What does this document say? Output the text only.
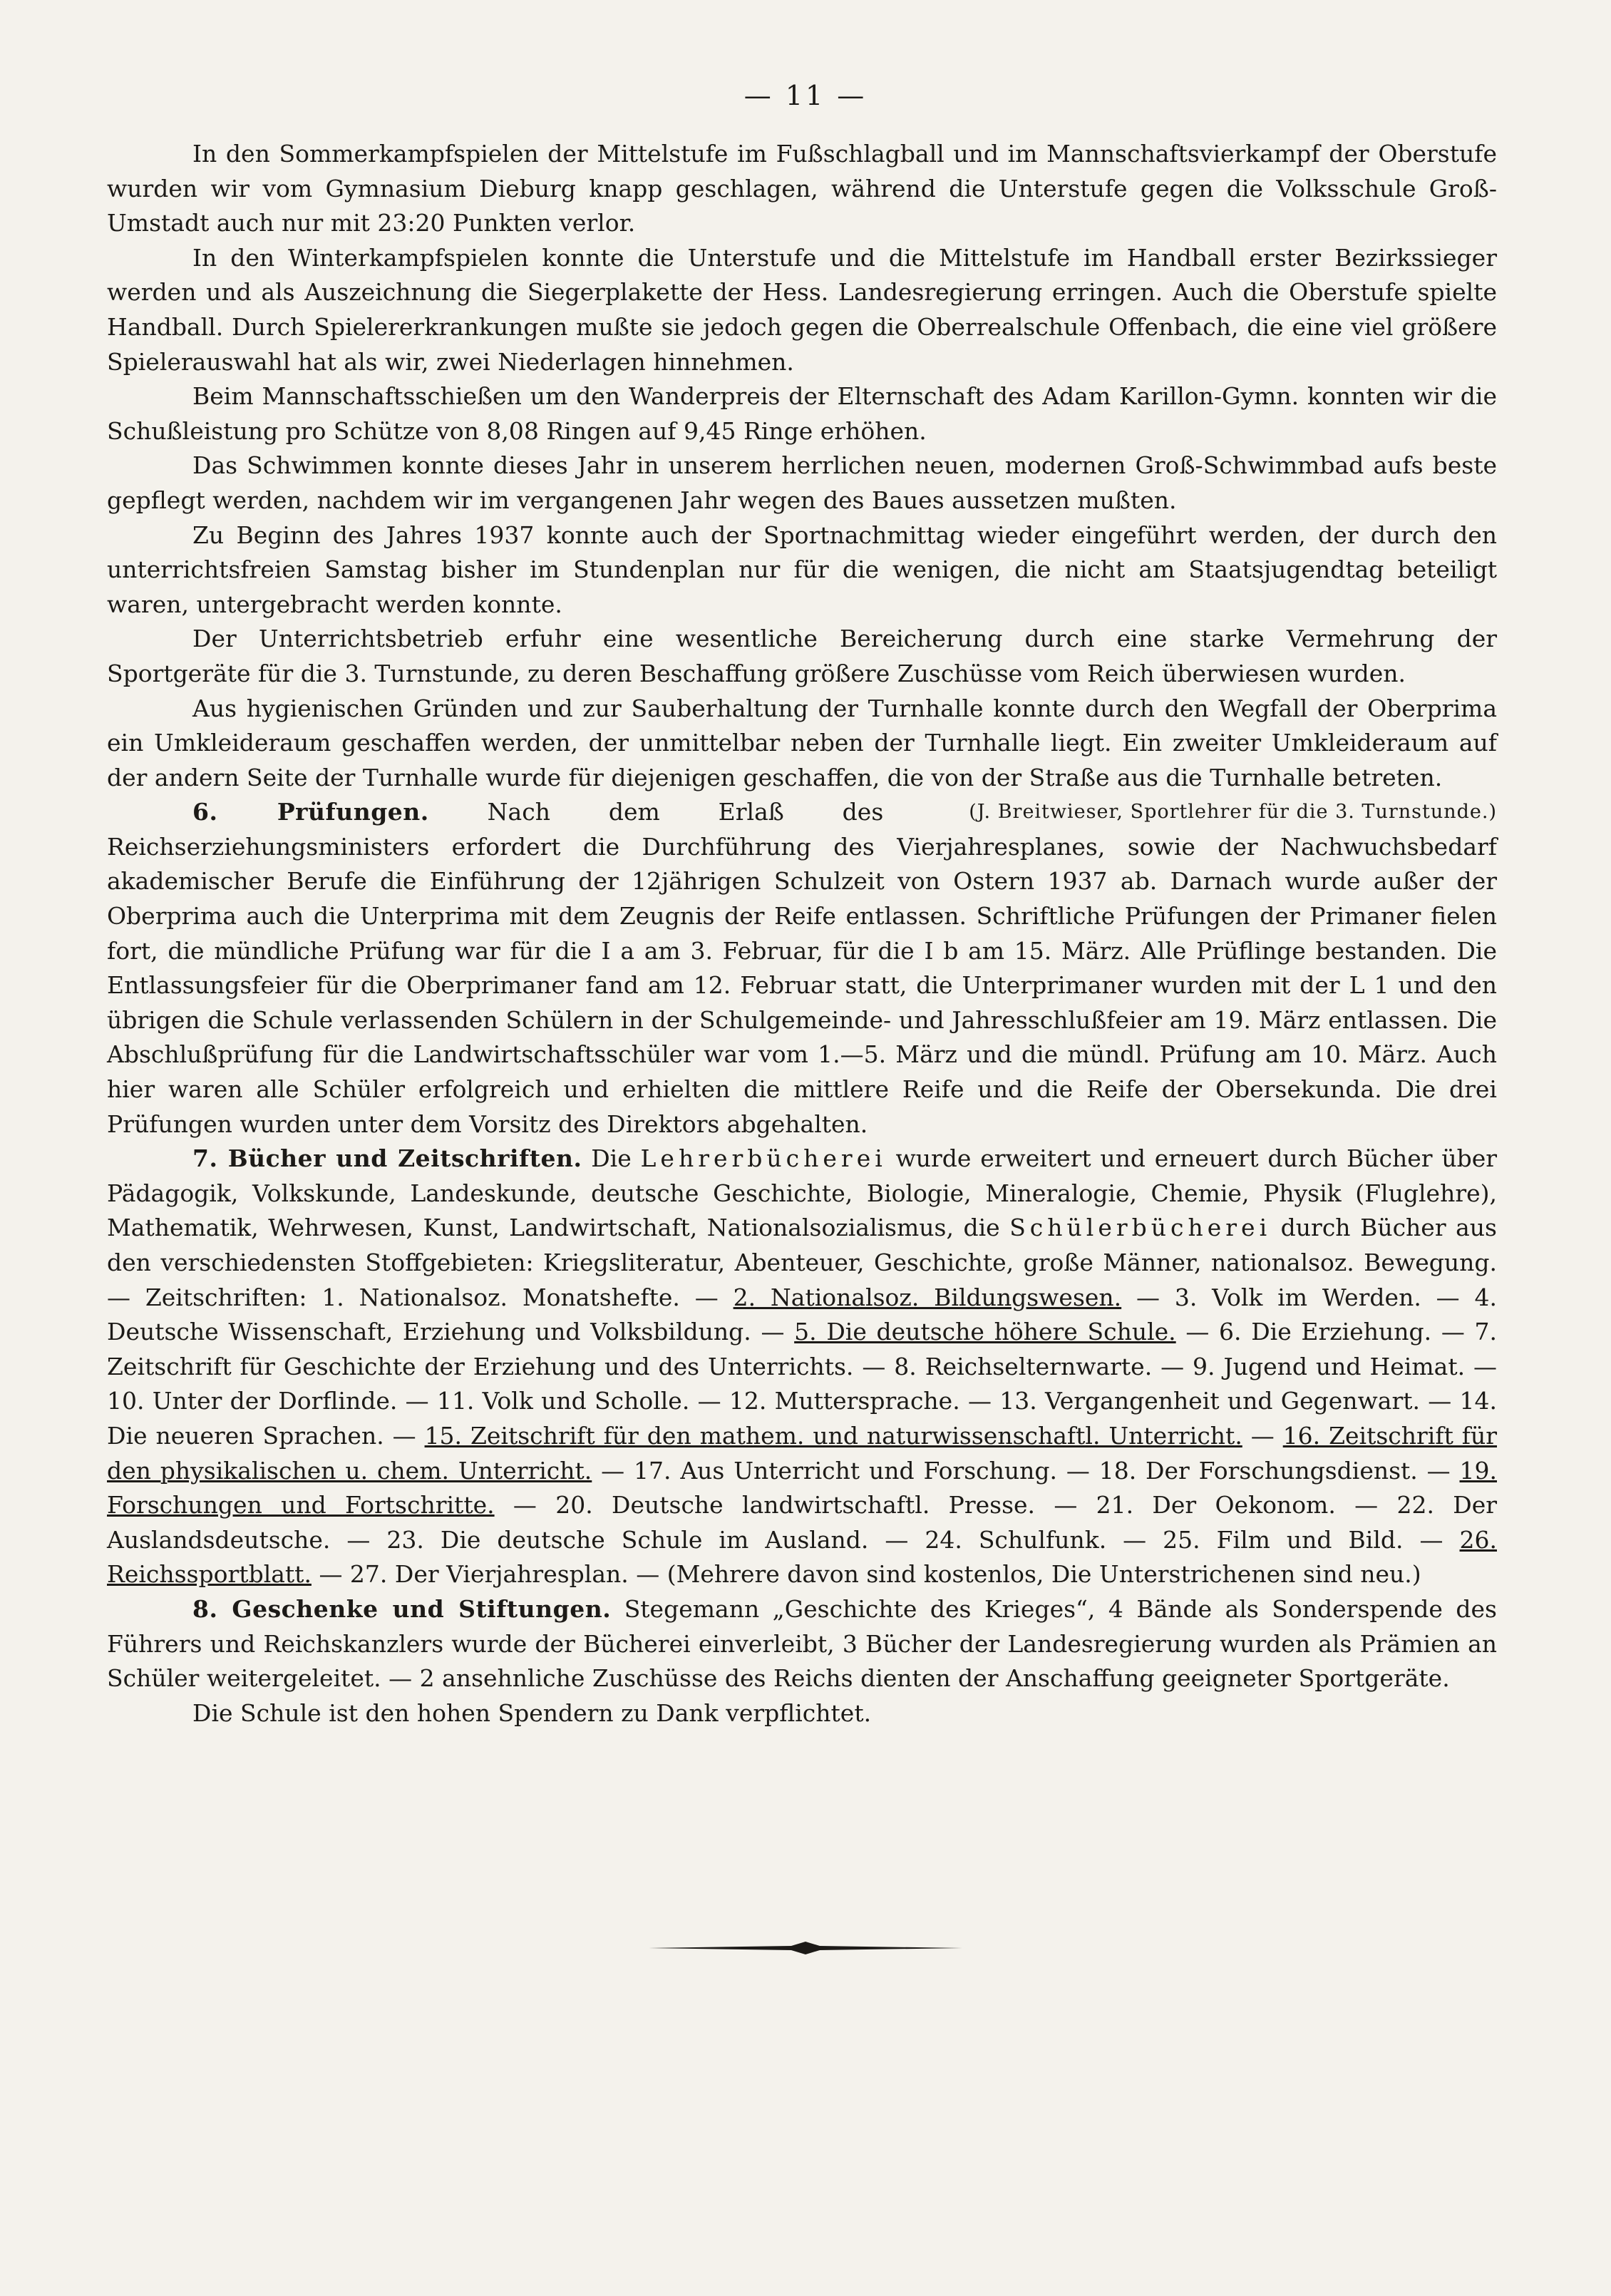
— 11 —

In den Sommerkampfspielen der Mittelstufe im Fußschlagball und im Mannschaftsvierkampf der Oberstufe wurden wir vom Gymnasium Dieburg knapp geschlagen, während die Unterstufe gegen die Volksschule Groß-Umstadt auch nur mit 23:20 Punkten verlor.

In den Winterkampfspielen konnte die Unterstufe und die Mittelstufe im Handball erster Bezirkssieger werden und als Auszeichnung die Siegerplakette der Hess. Landesregierung erringen. Auch die Oberstufe spielte Handball. Durch Spielererkrankungen mußte sie jedoch gegen die Oberrealschule Offenbach, die eine viel größere Spielerauswahl hat als wir, zwei Niederlagen hinnehmen.

Beim Mannschaftsschießen um den Wanderpreis der Elternschaft des Adam Karillon-Gymn. konnten wir die Schußleistung pro Schütze von 8,08 Ringen auf 9,45 Ringe erhöhen.

Das Schwimmen konnte dieses Jahr in unserem herrlichen neuen, modernen Groß-Schwimmbad aufs beste gepflegt werden, nachdem wir im vergangenen Jahr wegen des Baues aussetzen mußten.

Zu Beginn des Jahres 1937 konnte auch der Sportnachmittag wieder eingeführt werden, der durch den unterrichtsfreien Samstag bisher im Stundenplan nur für die wenigen, die nicht am Staatsjugendtag beteiligt waren, untergebracht werden konnte.

Der Unterrichtsbetrieb erfuhr eine wesentliche Bereicherung durch eine starke Vermehrung der Sportgeräte für die 3. Turnstunde, zu deren Beschaffung größere Zuschüsse vom Reich überwiesen wurden.

Aus hygienischen Gründen und zur Sauberhaltung der Turnhalle konnte durch den Wegfall der Oberprima ein Umkleideraum geschaffen werden, der unmittelbar neben der Turnhalle liegt. Ein zweiter Umkleideraum auf der andern Seite der Turnhalle wurde für diejenigen geschaffen, die von der Straße aus die Turnhalle betreten.
(J. Breitwieser, Sportlehrer für die 3. Turnstunde.)

6. Prüfungen. Nach dem Erlaß des Reichserziehungsministers erfordert die Durchführung des Vierjahresplanes, sowie der Nachwuchsbedarf akademischer Berufe die Einführung der 12jährigen Schulzeit von Ostern 1937 ab. Darnach wurde außer der Oberprima auch die Unterprima mit dem Zeugnis der Reife entlassen. Schriftliche Prüfungen der Primaner fielen fort, die mündliche Prüfung war für die I a am 3. Februar, für die I b am 15. März. Alle Prüflinge bestanden. Die Entlassungsfeier für die Oberprimaner fand am 12. Februar statt, die Unterprimaner wurden mit der L 1 und den übrigen die Schule verlassenden Schülern in der Schulgemeinde- und Jahresschlußfeier am 19. März entlassen. Die Abschlußprüfung für die Landwirtschaftsschüler war vom 1.—5. März und die mündl. Prüfung am 10. März. Auch hier waren alle Schüler erfolgreich und erhielten die mittlere Reife und die Reife der Obersekunda. Die drei Prüfungen wurden unter dem Vorsitz des Direktors abgehalten.

7. Bücher und Zeitschriften. Die Lehrerbücherei wurde erweitert und erneuert durch Bücher über Pädagogik, Volkskunde, Landeskunde, deutsche Geschichte, Biologie, Mineralogie, Chemie, Physik (Fluglehre), Mathematik, Wehrwesen, Kunst, Landwirtschaft, Nationalsozialismus, die Schülerbücherei durch Bücher aus den verschiedensten Stoffgebieten: Kriegsliteratur, Abenteuer, Geschichte, große Männer, nationalsoz. Bewegung. — Zeitschriften: 1. Nationalsoz. Monatshefte. — 2. Nationalsoz. Bildungswesen. — 3. Volk im Werden. — 4. Deutsche Wissenschaft, Erziehung und Volksbildung. — 5. Die deutsche höhere Schule. — 6. Die Erziehung. — 7. Zeitschrift für Geschichte der Erziehung und des Unterrichts. — 8. Reichselternwarte. — 9. Jugend und Heimat. — 10. Unter der Dorflinde. — 11. Volk und Scholle. — 12. Muttersprache. — 13. Vergangenheit und Gegenwart. — 14. Die neueren Sprachen. — 15. Zeitschrift für den mathem. und naturwissenschaftl. Unterricht. — 16. Zeitschrift für den physikalischen u. chem. Unterricht. — 17. Aus Unterricht und Forschung. — 18. Der Forschungsdienst. — 19. Forschungen und Fortschritte. — 20. Deutsche landwirtschaftl. Presse. — 21. Der Oekonom. — 22. Der Auslandsdeutsche. — 23. Die deutsche Schule im Ausland. — 24. Schulfunk. — 25. Film und Bild. — 26. Reichssportblatt. — 27. Der Vierjahresplan. — (Mehrere davon sind kostenlos, Die Unterstrichenen sind neu.)

8. Geschenke und Stiftungen. Stegemann „Geschichte des Krieges“, 4 Bände als Sonderspende des Führers und Reichskanzlers wurde der Bücherei einverleibt, 3 Bücher der Landesregierung wurden als Prämien an Schüler weitergeleitet. — 2 ansehnliche Zuschüsse des Reichs dienten der Anschaffung geeigneter Sportgeräte.

Die Schule ist den hohen Spendern zu Dank verpflichtet.
